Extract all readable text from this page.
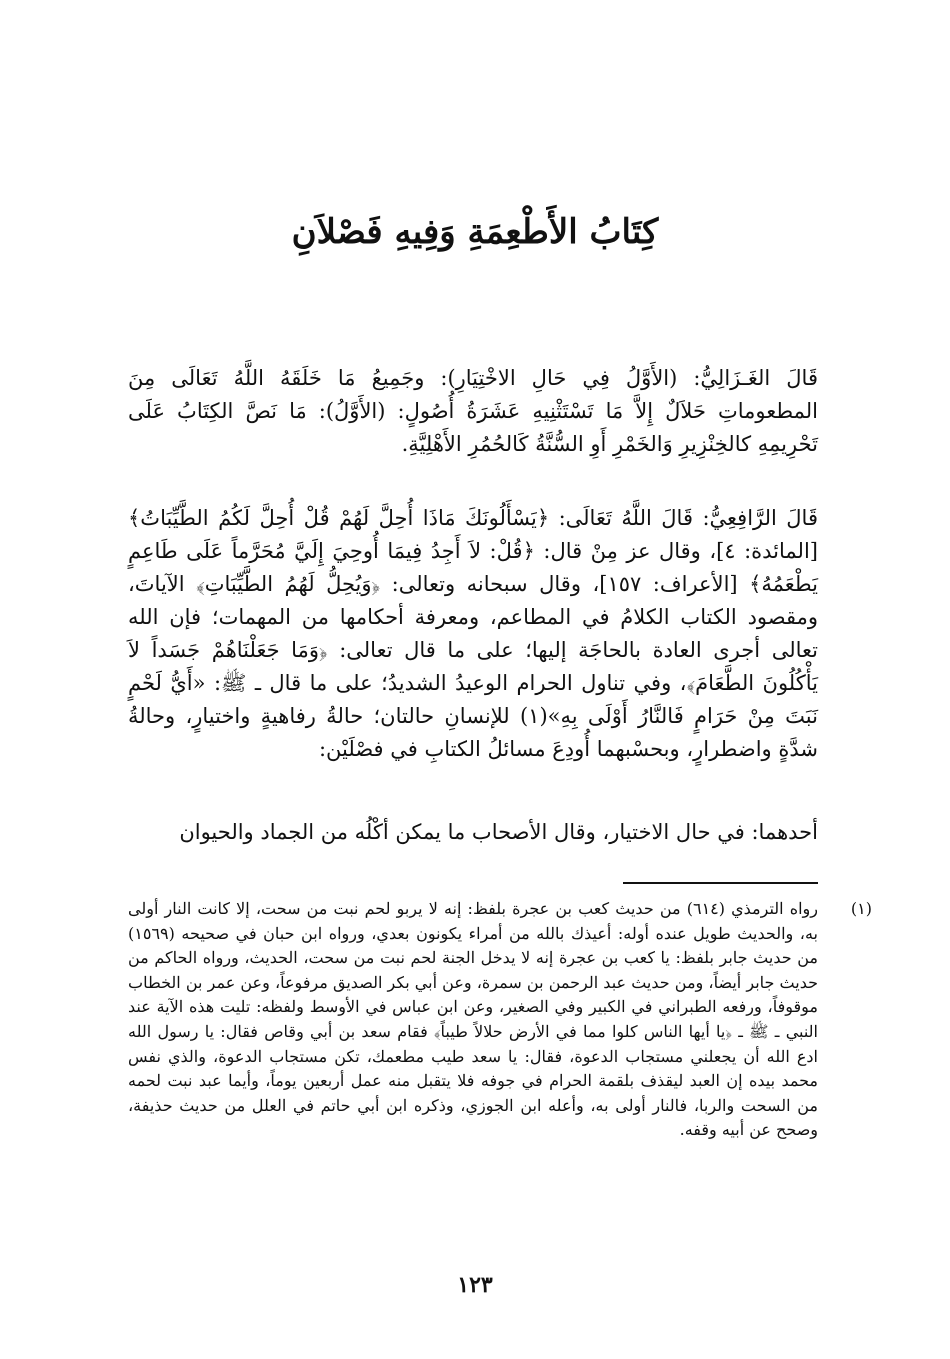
كِتَابُ الأَطْعِمَةِ وَفِيهِ فَصْلاَنِ
قَالَ الغَـزَالِيُّ: (الأَوَّلُ فِي حَالِ الاخْتِيَارِ): وجَمِيعُ مَا خَلَقَهُ اللَّهُ تَعَالَى مِنَ المطعوماتِ حَلاَلٌ إِلاَّ مَا تَسْتَثْنِيهِ عَشَرَةُ أُصُولٍ: (الأَوَّلُ): مَا نَصَّ الكِتَابُ عَلَى تَحْرِيمِهِ كالخِنْزِيرِ وَالخَمْرِ أَوِ السُّنَّةُ كَالحُمُرِ الأَهْلِيَّةِ.
قَالَ الرَّافِعِيُّ: قَالَ اللَّهُ تَعَالَى: ﴿يَسْأَلُونَكَ مَاذَا أُحِلَّ لَهُمْ قُلْ أُحِلَّ لَكُمُ الطَّيِّبَاتُ﴾ [المائدة: ٤]، وقال عز مِنْ قال: ﴿قُلْ: لاَ أَجِدُ فِيمَا أُوحِيَ إِلَيَّ مُحَرَّماً عَلَى طَاعِمٍ يَطْعَمُهُ﴾ [الأعراف: ١٥٧]، وقال سبحانه وتعالى: ﴿وَيُحِلُّ لَهُمُ الطَّيِّبَاتِ﴾ الآياتَ، ومقصود الكتاب الكلامُ في المطاعم، ومعرفة أحكامها من المهمات؛ فإن الله تعالى أجرى العادة بالحاجَة إليها؛ على ما قال تعالى: ﴿وَمَا جَعَلْنَاهُمْ جَسَداً لاَ يَأْكُلُونَ الطَّعَامَ﴾، وفي تناول الحرام الوعيدُ الشديدُ؛ على ما قال ـ ﷺ: «أَيُّ لَحْمٍ نَبَتَ مِنْ حَرَامٍ فَالنَّارُ أَوْلَى بِهِ»(١) للإنسانِ حالتان؛ حالةُ رفاهيةٍ واختيارٍ، وحالةُ شدَّةٍ واضطرارٍ، وبحسْبهما أُودِعَ مسائلُ الكتابِ في فصْلَيْن:
أحدهما: في حال الاختيار، وقال الأصحاب ما يمكن أكْلُه من الجماد والحيوان
(١)
رواه الترمذي (٦١٤) من حديث كعب بن عجرة بلفظ: إنه لا يربو لحم نبت من سحت، إلا كانت النار أولى به، والحديث طويل عنده أوله: أعيذك بالله من أمراء يكونون بعدي، ورواه ابن حبان في صحيحه (١٥٦٩) من حديث جابر بلفظ: يا كعب بن عجرة إنه لا يدخل الجنة لحم نبت من سحت، الحديث، ورواه الحاكم من حديث جابر أيضاً، ومن حديث عبد الرحمن بن سمرة، وعن أبي بكر الصديق مرفوعاً، وعن عمر بن الخطاب موقوفاً، ورفعه الطبراني في الكبير وفي الصغير، وعن ابن عباس في الأوسط ولفظه: تليت هذه الآية عند النبي ـ ﷺ ـ ﴿يا أيها الناس كلوا مما في الأرض حلالاً طيباً﴾ فقام سعد بن أبي وقاص فقال: يا رسول الله ادع الله أن يجعلني مستجاب الدعوة، فقال: يا سعد طيب مطعمك، تكن مستجاب الدعوة، والذي نفس محمد بيده إن العبد ليقذف بلقمة الحرام في جوفه فلا يتقبل منه عمل أربعين يوماً، وأيما عبد نبت لحمه من السحت والربا، فالنار أولى به، وأعله ابن الجوزي، وذكره ابن أبي حاتم في العلل من حديث حذيفة، وصحح عن أبيه وقفه.
١٢٣
